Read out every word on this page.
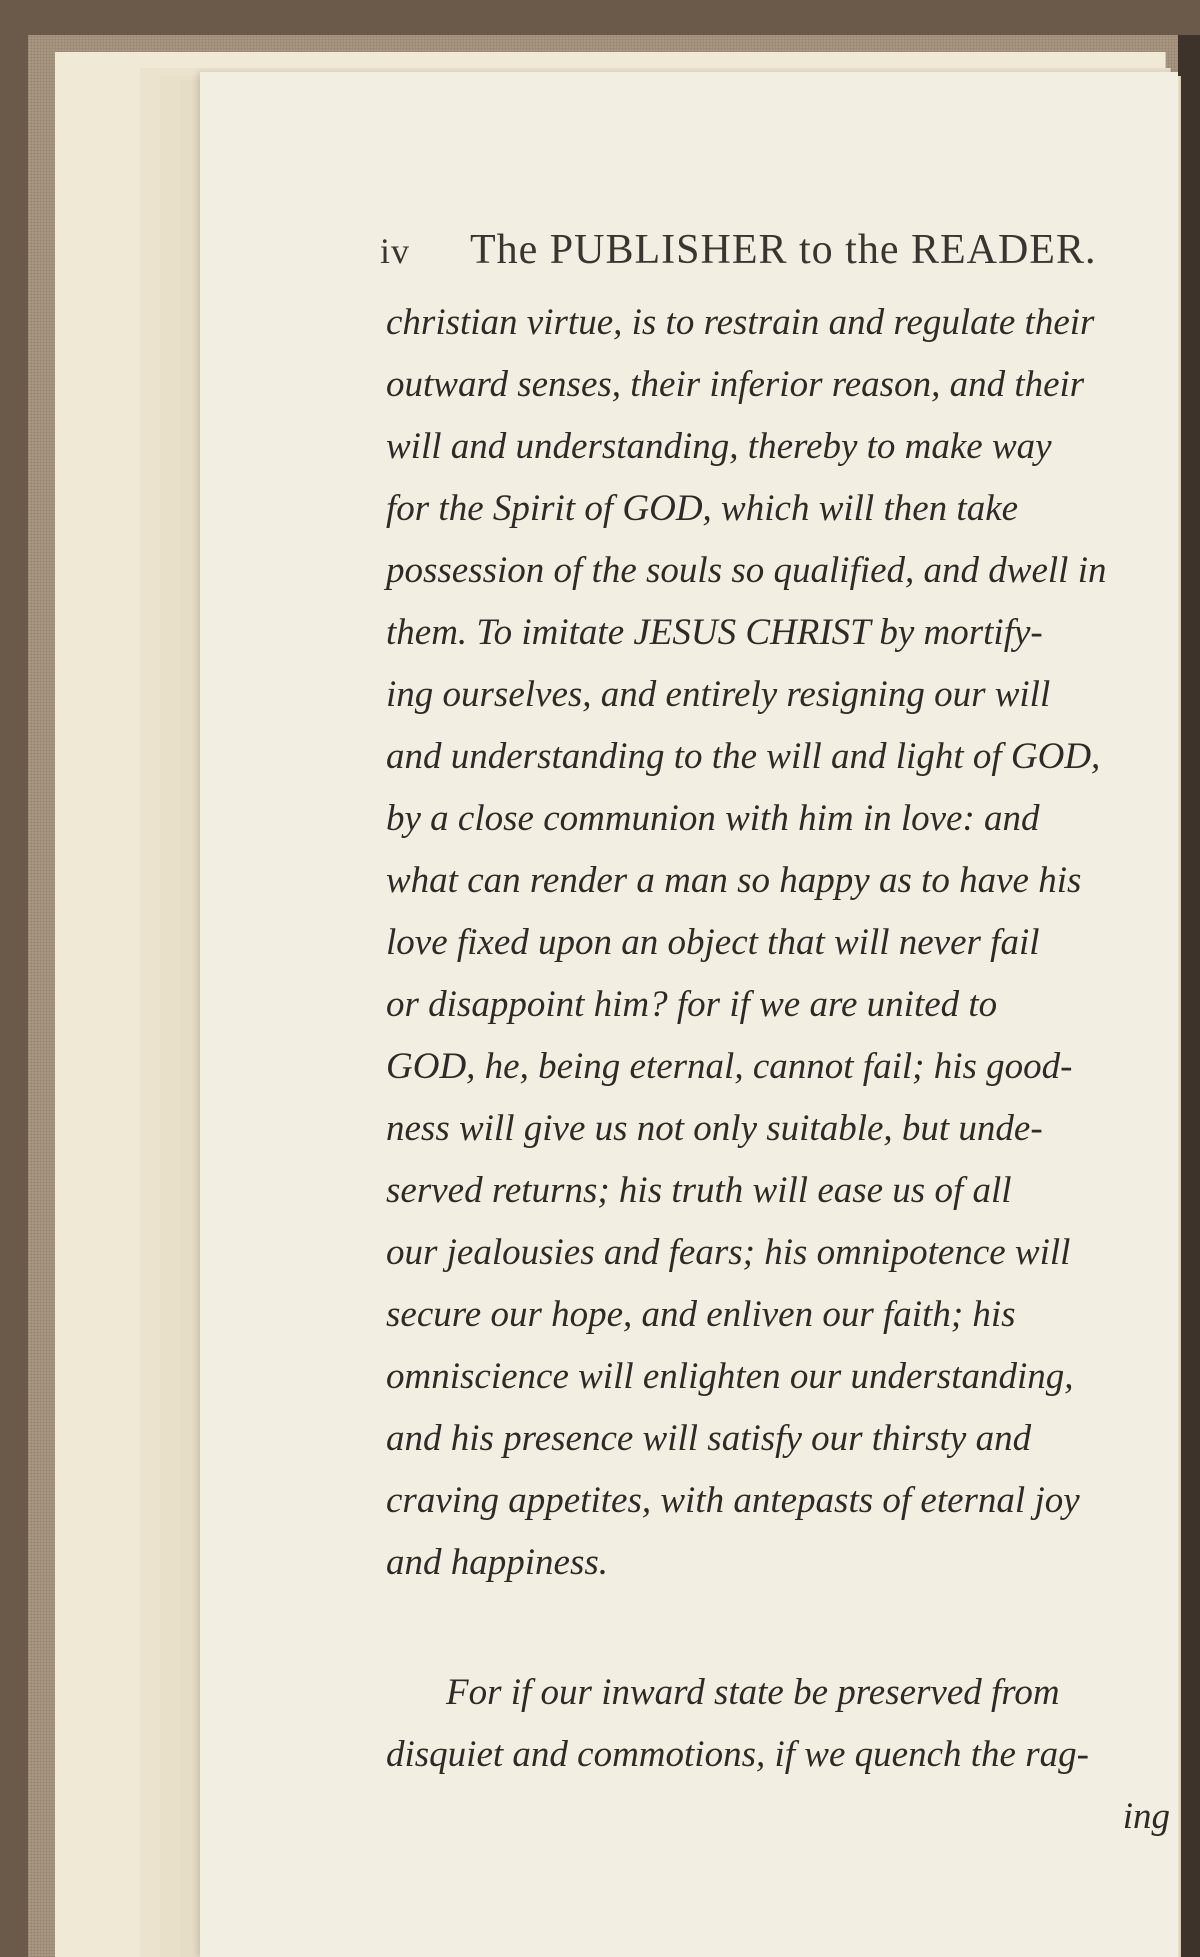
iv The PUBLISHER to the READER.
christian virtue, is to restrain and regulate their
outward senses, their inferior reason, and their
will and understanding, thereby to make way
for the Spirit of GOD, which will then take
possession of the souls so qualified, and dwell in
them. To imitate JESUS CHRIST by mortify-
ing ourselves, and entirely resigning our will
and understanding to the will and light of GOD,
by a close communion with him in love: and
what can render a man so happy as to have his
love fixed upon an object that will never fail
or disappoint him? for if we are united to
GOD, he, being eternal, cannot fail; his good-
ness will give us not only suitable, but unde-
served returns; his truth will ease us of all
our jealousies and fears; his omnipotence will
secure our hope, and enliven our faith; his
omniscience will enlighten our understanding,
and his presence will satisfy our thirsty and
craving appetites, with antepasts of eternal joy
and happiness.
For if our inward state be preserved from
disquiet and commotions, if we quench the rag-
ing
